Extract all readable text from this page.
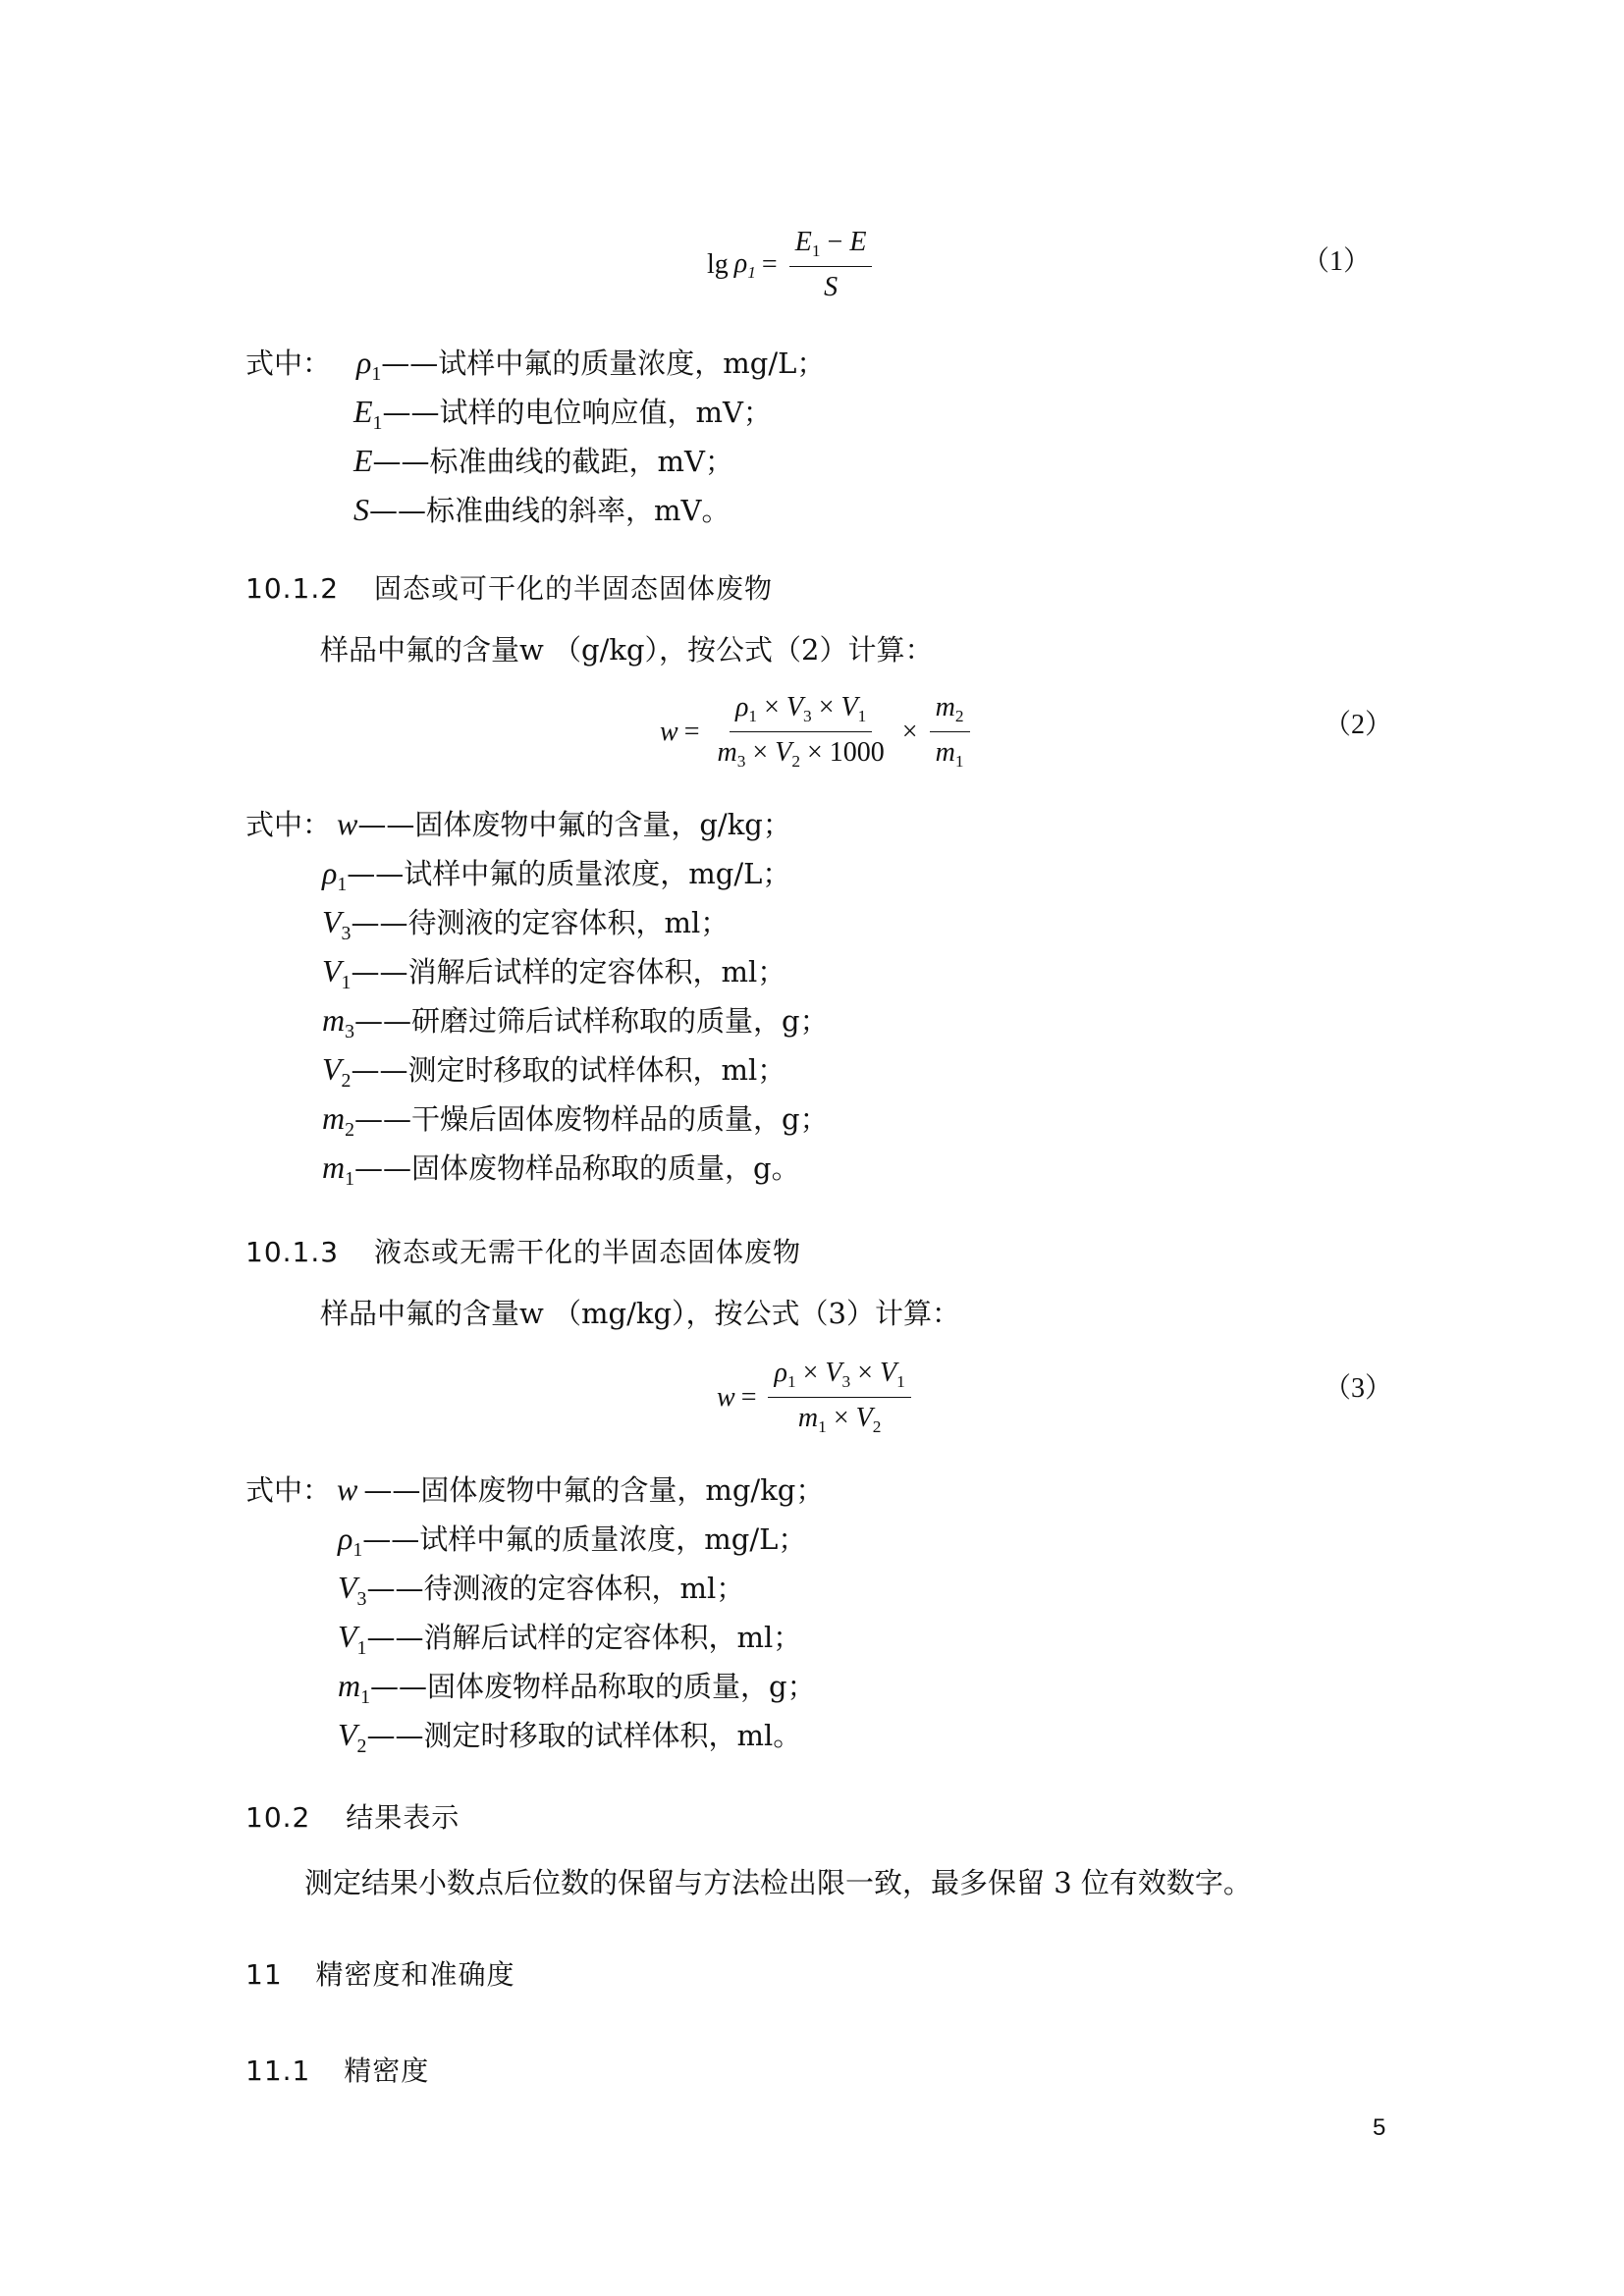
$\lg \rho_1 = \frac{E_1 - E}{S}$	（1）
式中： $\rho_1$ ——试样中氟的质量浓度，mg/L；
$E_1$ ——试样的电位响应值，mV；
E ——标准曲线的截距，mV；
S ——标准曲线的斜率，mV。
10.1.2 固态或可干化的半固态固体废物
样品中氟的含量w （g/kg），按公式（2）计算：
$w = \frac{\rho_1 \times V_3 \times V_1}{m_3 \times V_2 \times 1000} \times \frac{m_2}{m_1}$	（2）
式中： w ——固体废物中氟的含量，g/kg；
$\rho_1$ ——试样中氟的质量浓度，mg/L；
$V_3$ ——待测液的定容体积，ml；
$V_1$ ——消解后试样的定容体积，ml；
$m_3$ ——研磨过筛后试样称取的质量，g；
$V_2$ ——测定时移取的试样体积，ml；
$m_2$ ——干燥后固体废物样品的质量，g；
$m_1$ ——固体废物样品称取的质量，g。
10.1.3 液态或无需干化的半固态固体废物
样品中氟的含量w （mg/kg），按公式（3）计算：
$w = \frac{\rho_1 \times V_3 \times V_1}{m_1 \times V_2}$	（3）
式中： w ——固体废物中氟的含量，mg/kg；
$\rho_1$ ——试样中氟的质量浓度，mg/L；
$V_3$ ——待测液的定容体积，ml；
$V_1$ ——消解后试样的定容体积，ml；
$m_1$ ——固体废物样品称取的质量，g；
$V_2$ ——测定时移取的试样体积，ml。
10.2 结果表示
测定结果小数点后位数的保留与方法检出限一致，最多保留 3 位有效数字。
11 精密度和准确度
11.1 精密度
5
